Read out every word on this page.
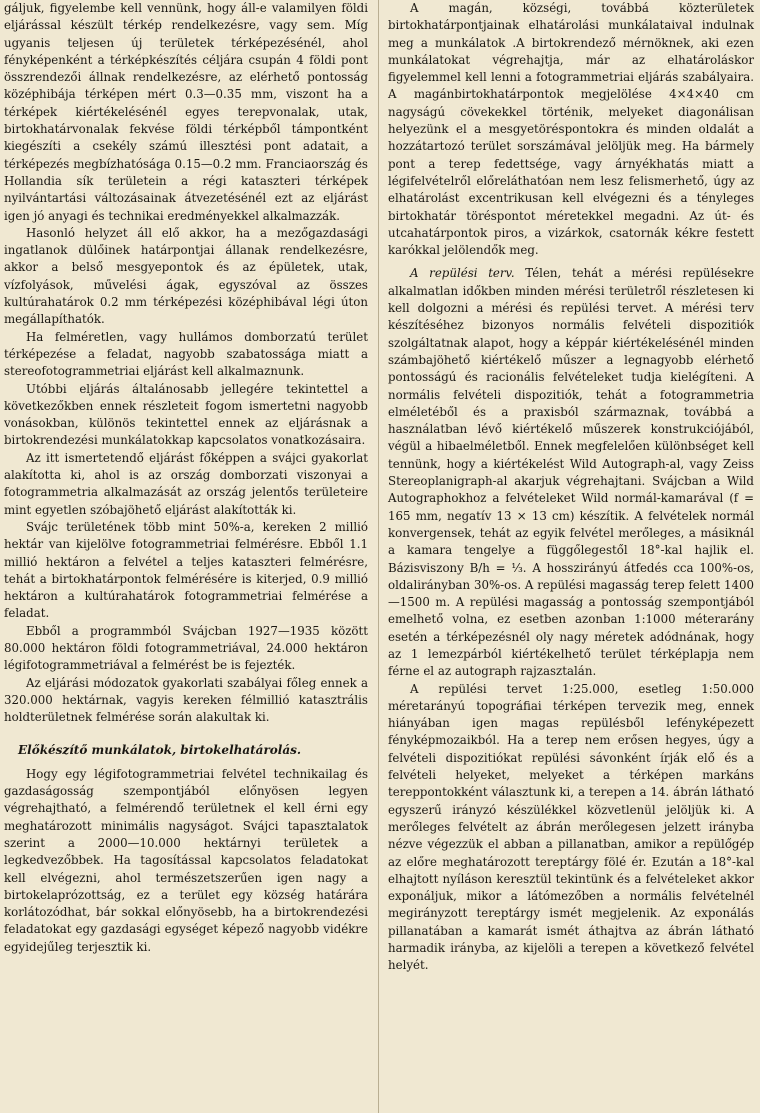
gáljuk, figyelembe kell vennünk, hogy áll-e valamilyen földi eljárással készült térkép rendelkezésre, vagy sem. Míg ugyanis teljesen új területek térképezésénél, ahol fényképenként a térképkészítés céljára csupán 4 földi pont összrendezői állnak rendelkezésre, az elérhető pontosság középhibája térképen mért 0.3—0.35 mm, viszont ha a térképek kiértékelésénél egyes terepvonalak, utak, birtokhatárvonalak fekvése földi térképből támpontként kiegészíti a csekély számú illesztési pont adatait, a térképezés megbízhatósága 0.15—0.2 mm. Franciaország és Hollandia sík területein a régi kataszteri térképek nyilvántartási változásainak átvezetésénél ezt az eljárást igen jó anyagi és technikai eredményekkel alkalmazzák.

Hasonló helyzet áll elő akkor, ha a mezőgazdasági ingatlanok dülőinek határpontjai állanak rendelkezésre, akkor a belső mesgyepontok és az épületek, utak, vízfolyások, művelési ágak, egyszóval az összes kultúrahatárok 0.2 mm térképezési középhibával légi úton megállapíthatók.

Ha felméretlen, vagy hullámos domborzatú terület térképezése a feladat, nagyobb szabatossága miatt a stereofotogrammetriai eljárást kell alkalmaznunk.

Utóbbi eljárás általánosabb jellegére tekintettel a következőkben ennek részleteit fogom ismertetni nagyobb vonásokban, különös tekintettel ennek az eljárásnak a birtokrendezési munkálatokkap kapcsolatos vonatkozásaira.

Az itt ismertetendő eljárást főképpen a svájci gyakorlat alakította ki, ahol is az ország domborzati viszonyai a fotogrammetria alkalmazását az ország jelentős területeire mint egyetlen szóbajöhető eljárást alakították ki.

Svájc területének több mint 50%-a, kereken 2 millió hektár van kijelölve fotogrammetriai felmérésre. Ebből 1.1 millió hektáron a felvétel a teljes kataszteri felmérésre, tehát a birtokhatárpontok felmérésére is kiterjed, 0.9 millió hektáron a kultúrahatárok fotogrammetriai felmérése a feladat.

Ebből a programmból Svájcban 1927—1935 között 80.000 hektáron földi fotogrammetriával, 24.000 hektáron légifotogrammetriával a felmérést be is fejezték.

Az eljárási módozatok gyakorlati szabályai főleg ennek a 320.000 hektárnak, vagyis kereken félmillió katasztrális holdterületnek felmérése során alakultak ki.

Előkészítő munkálatok, birtokelhatárolás.

Hogy egy légifotogrammetriai felvétel technikailag és gazdaságosság szempontjából előnyösen legyen végrehajtható, a felmérendő területnek el kell érni egy meghatározott minimális nagyságot. Svájci tapasztalatok szerint a 2000—10.000 hektárnyi területek a legkedvezőbbek. Ha tagosítással kapcsolatos feladatokat kell elvégezni, ahol természetszerűen igen nagy a birtokelaprózottság, ez a terület egy község határára korlátozódhat, bár sokkal előnyösebb, ha a birtokrendezési feladatokat egy gazdasági egységet képező nagyobb vidékre egyidejűleg terjesztik ki.

A magán, községi, továbbá közterületek birtokhatárpontjainak elhatárolási munkálataival indulnak meg a munkálatok .A birtokrendező mérnöknek, aki ezen munkálatokat végrehajtja, már az elhatároláskor figyelemmel kell lenni a fotogrammetriai eljárás szabályaira. A magánbirtokhatárpontok megjelölése 4×4×40 cm nagyságú cövekekkel történik, melyeket diagonálisan helyezünk el a mesgyetöréspontokra és minden oldalát a hozzátartozó terület sorszámával jelöljük meg. Ha bármely pont a terep fedettsége, vagy árnyékhatás miatt a légifelvételről előreláthatóan nem lesz felismerhető, úgy az elhatárolást excentrikusan kell elvégezni és a tényleges birtokhatár töréspontot méretekkel megadni. Az út- és utcahatárpontok piros, a vizárkok, csatornák kékre festett karókkal jelölendők meg.

A repülési terv. Télen, tehát a mérési repülésekre alkalmatlan időkben minden mérési területről részletesen ki kell dolgozni a mérési és repülési tervet. A mérési terv készítéséhez bizonyos normális felvételi dispozitiók szolgáltatnak alapot, hogy a képpár kiértékelésénél minden számbajöhető kiértékelő műszer a legnagyobb elérhető pontosságú és racionális felvételeket tudja kielégíteni. A normális felvételi dispozitiók, tehát a fotogrammetria elméletéből és a praxisból származnak, továbbá a használatban lévő kiértékelő műszerek konstrukciójából, végül a hibaelméletből. Ennek megfelelően különbséget kell tennünk, hogy a kiértékelést Wild Autograph-al, vagy Zeiss Stereoplanigraph-al akarjuk végrehajtani. Svájcban a Wild Autographokhoz a felvételeket Wild normál-kamarával (f = 165 mm, negatív 13 × 13 cm) készítik. A felvételek normál konvergensek, tehát az egyik felvétel merőleges, a másiknál a kamara tengelye a függőlegestől 18°-kal hajlik el. Bázisviszony B/h = ⅓. A hosszirányú átfedés cca 100%-os, oldalirányban 30%-os. A repülési magasság terep felett 1400—1500 m. A repülési magasság a pontosság szempontjából emelhető volna, ez esetben azonban 1:1000 méterarány esetén a térképezésnél oly nagy méretek adódnának, hogy az 1 lemezpárból kiértékelhető terület térképlapja nem férne el az autograph rajzasztalán.

A repülési tervet 1:25.000, esetleg 1:50.000 méretarányú topográfiai térképen tervezik meg, ennek hiányában igen magas repülésből lefényképezett fényképmozaikból. Ha a terep nem erősen hegyes, úgy a felvételi dispozitiókat repülési sávonként írják elő és a felvételi helyeket, melyeket a térképen markáns tereppontokként választunk ki, a terepen a 14. ábrán látható egyszerű irányzó készülékkel közvetlenül jelöljük ki. A merőleges felvételt az ábrán merőlegesen jelzett irányba nézve végezzük el abban a pillanatban, amikor a repülőgép az előre meghatározott tereptárgy fölé ér. Ezután a 18°-kal elhajtott nyíláson keresztül tekintünk és a felvételeket akkor exponáljuk, mikor a látómezőben a normális felvételnél megirányzott tereptárgy ismét megjelenik. Az exponálás pillanatában a kamarát ismét áthajtva az ábrán látható harmadik irányba, az kijelöli a terepen a következő felvétel helyét.
